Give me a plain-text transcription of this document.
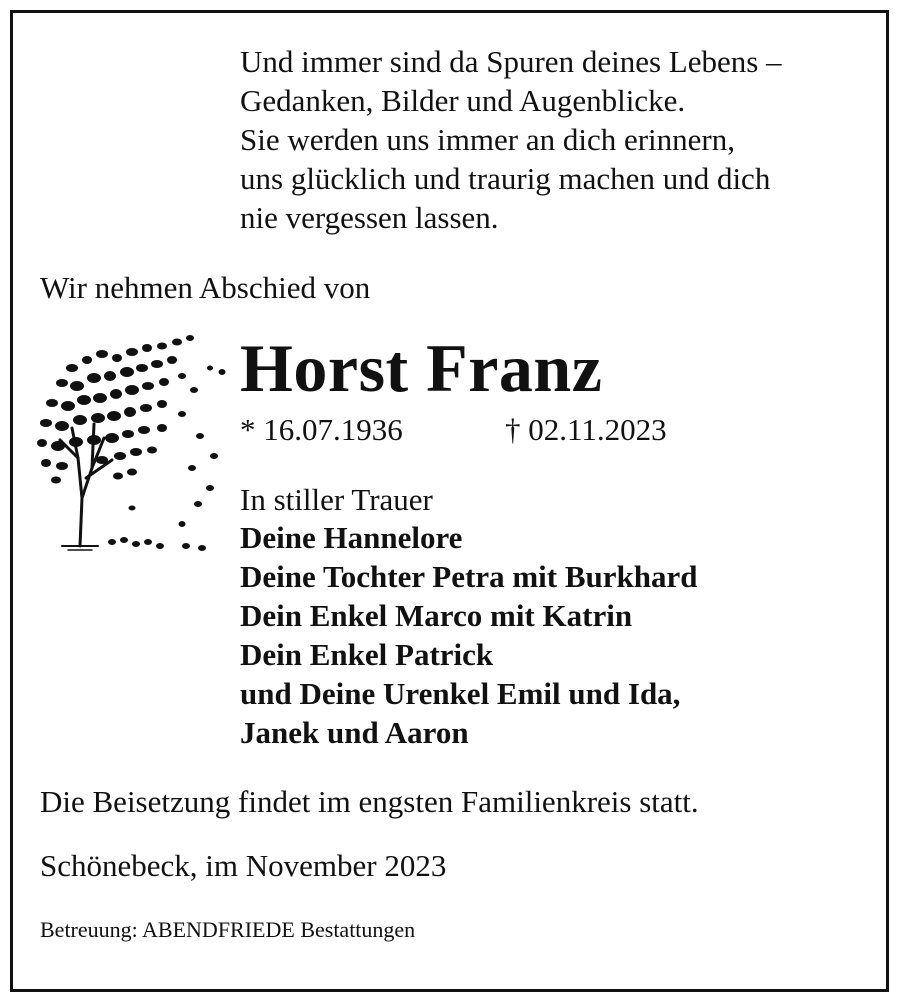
Und immer sind da Spuren deines Lebens –
Gedanken, Bilder und Augenblicke.
Sie werden uns immer an dich erinnern,
uns glücklich und traurig machen und dich
nie vergessen lassen.
Wir nehmen Abschied von
Horst Franz
* 16.07.1936	† 02.11.2023
In stiller Trauer
Deine Hannelore
Deine Tochter Petra mit Burkhard
Dein Enkel Marco mit Katrin
Dein Enkel Patrick
und Deine Urenkel Emil und Ida,
Janek und Aaron
Die Beisetzung findet im engsten Familienkreis statt.
Schönebeck, im November 2023
Betreuung: ABENDFRIEDE Bestattungen
